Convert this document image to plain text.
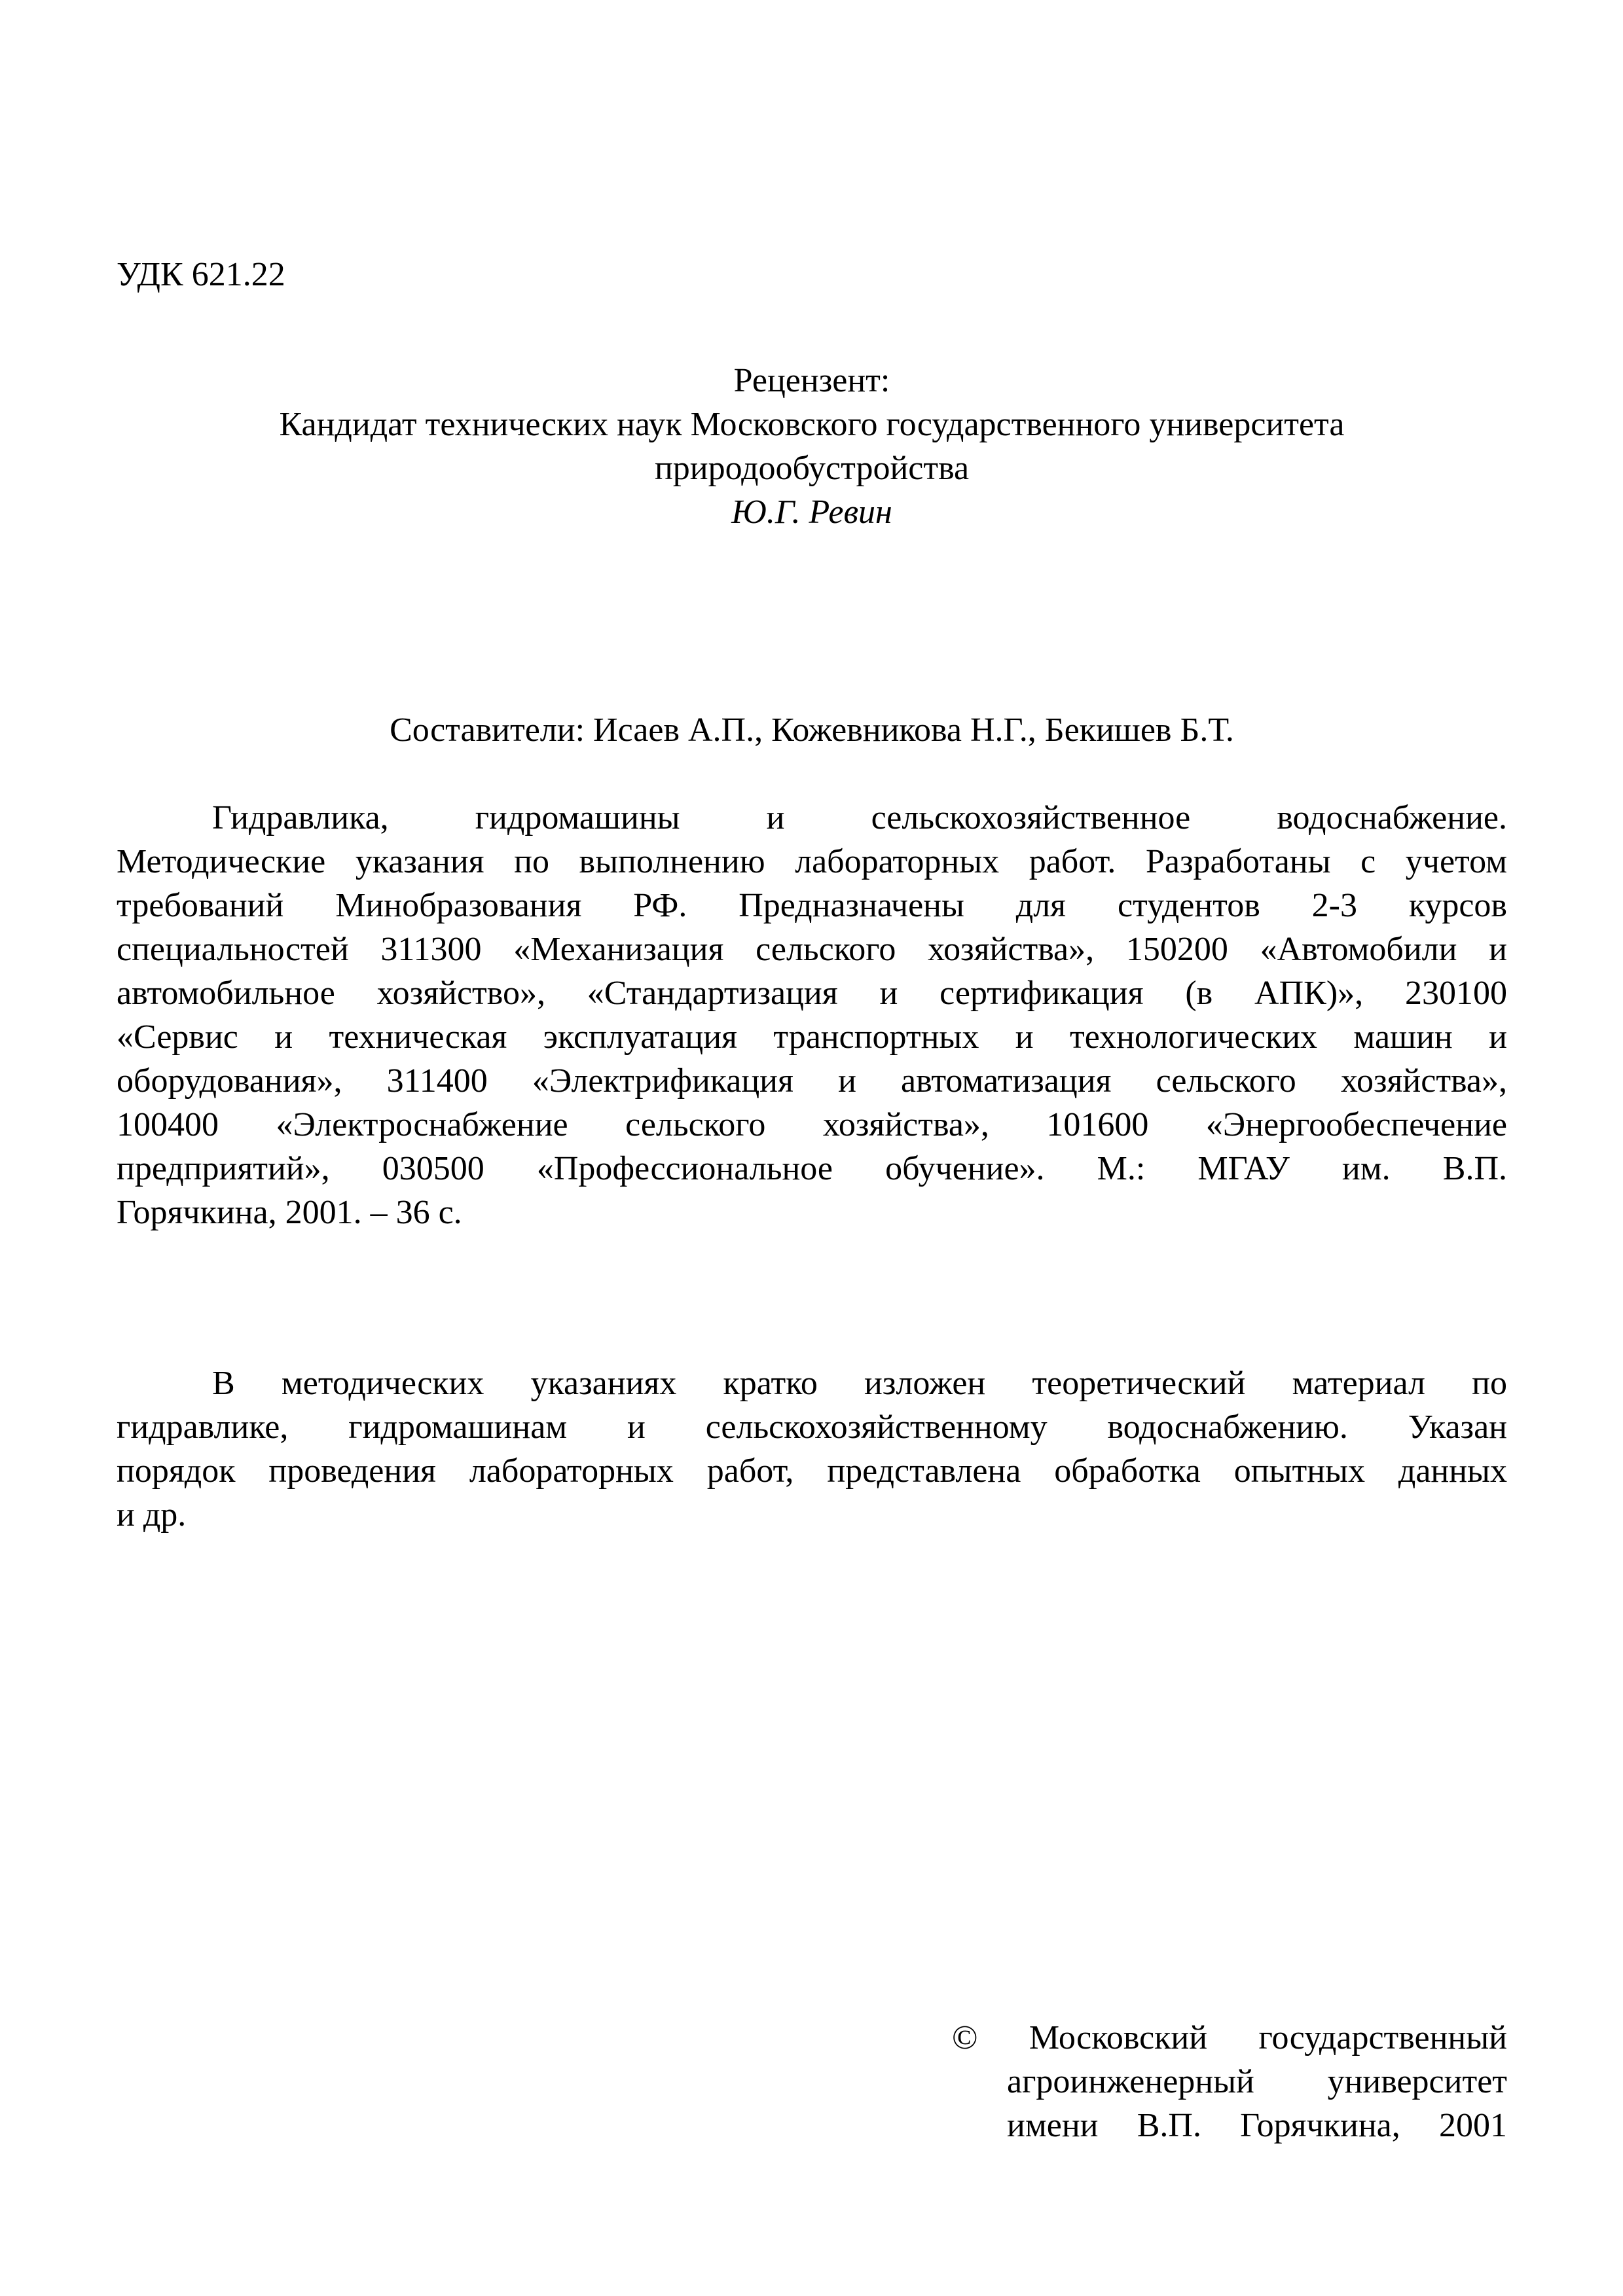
УДК 621.22
Рецензент:
Кандидат технических наук Московского государственного университета
природообустройства
Ю.Г. Ревин
Составители: Исаев А.П., Кожевникова Н.Г., Бекишев Б.Т.
Гидравлика, гидромашины и сельскохозяйственное водоснабжение.
Методические указания по выполнению лабораторных работ. Разработаны с учетом
требований Минобразования РФ. Предназначены для студентов 2-3 курсов
специальностей 311300 «Механизация сельского хозяйства», 150200 «Автомобили и
автомобильное хозяйство», «Стандартизация и сертификация (в АПК)», 230100
«Сервис и техническая эксплуатация транспортных и технологических машин и
оборудования», 311400 «Электрификация и автоматизация сельского хозяйства»,
100400 «Электроснабжение сельского хозяйства», 101600 «Энергообеспечение
предприятий», 030500 «Профессиональное обучение». М.: МГАУ им. В.П.
Горячкина, 2001. – 36 с.
В методических указаниях кратко изложен теоретический материал по
гидравлике, гидромашинам и сельскохозяйственному водоснабжению. Указан
порядок проведения лабораторных работ, представлена обработка опытных данных
и др.
© Московский государственный
агроинженерный университет
имени В.П. Горячкина, 2001
